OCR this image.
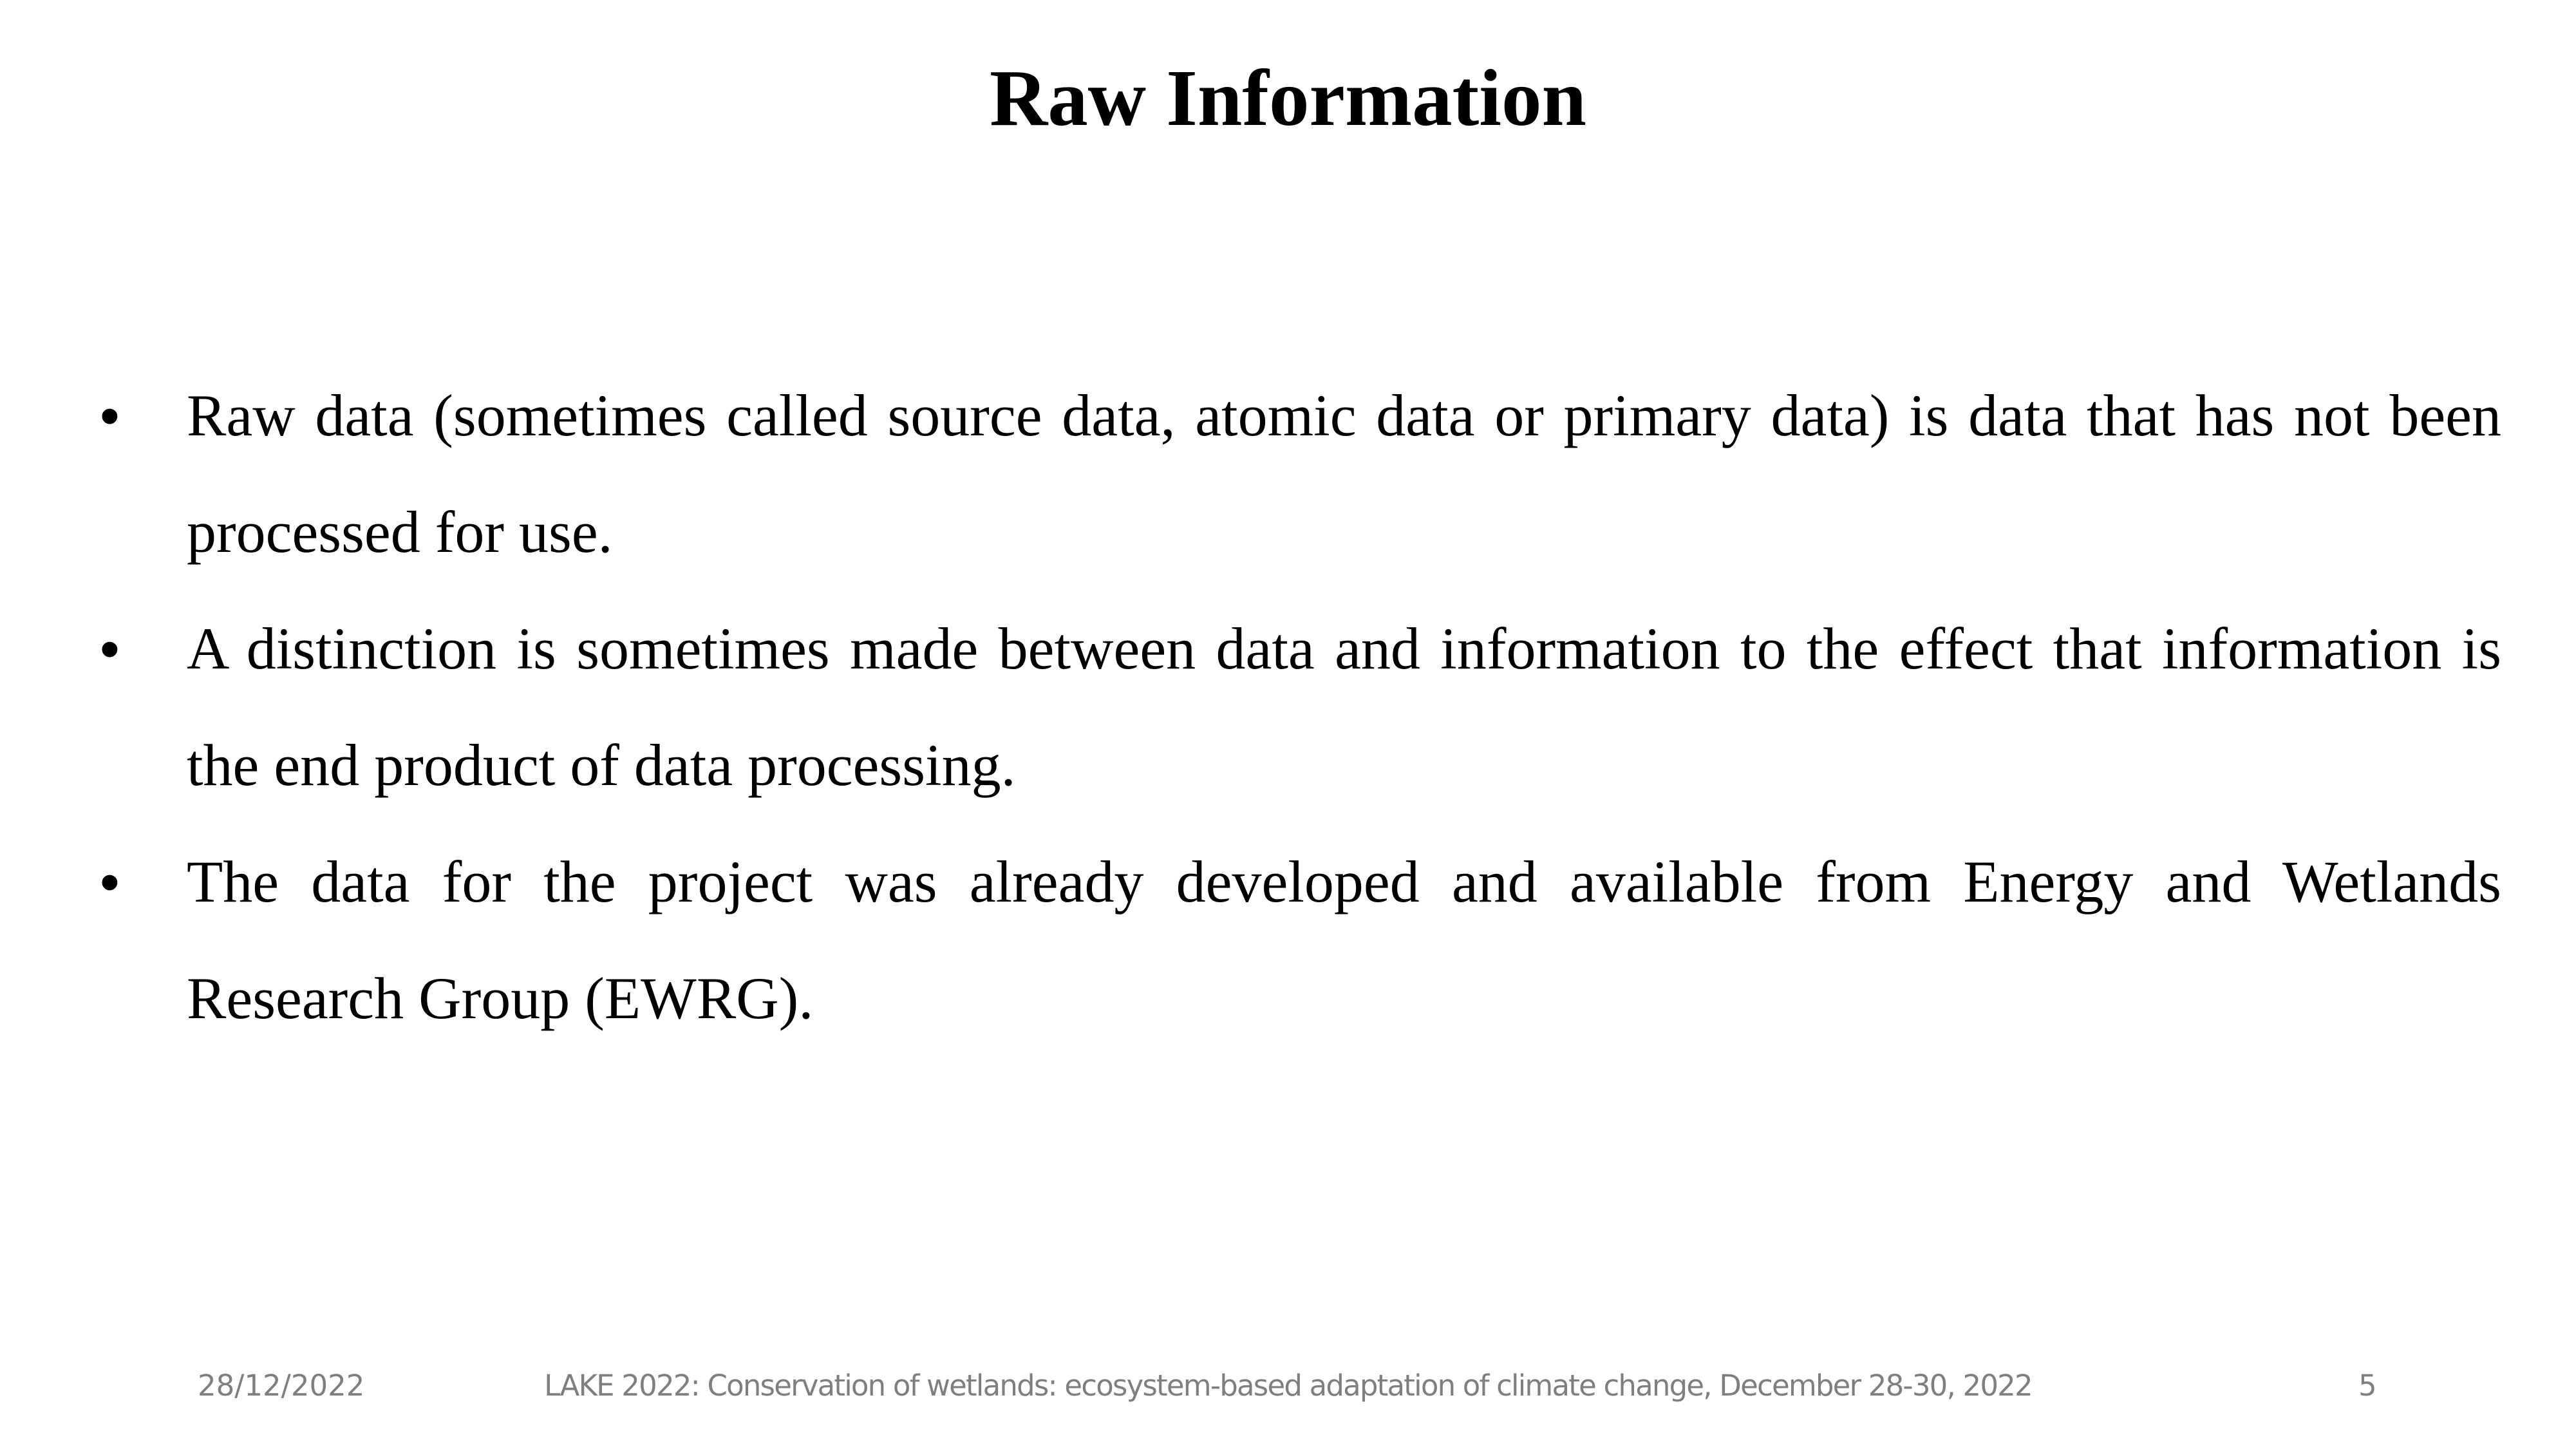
Raw Information
•	Raw data (sometimes called source data, atomic data or primary data) is data that has not been processed for use.
•	A distinction is sometimes made between data and information to the effect that information is the end product of data processing.
•	The data for the project was already developed and available from Energy and Wetlands Research Group (EWRG).
28/12/2022	LAKE 2022: Conservation of wetlands: ecosystem-based adaptation of climate change, December 28-30, 2022	5
